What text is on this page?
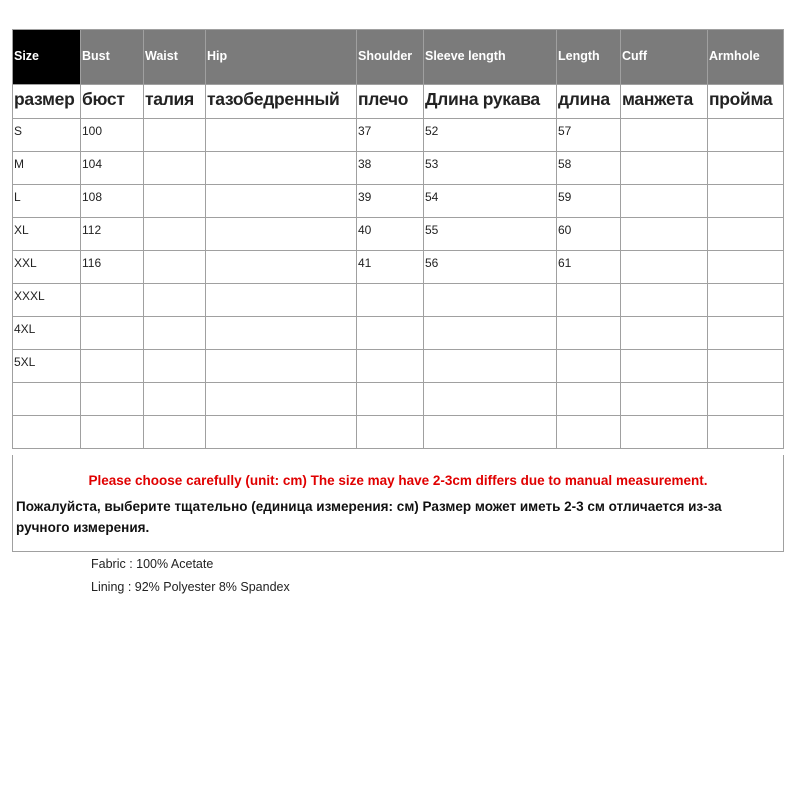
Size	Bust	Waist	Hip	Shoulder	Sleeve length	Length	Cuff	Armhole
размер	бюст	талия	тазобедренный	плечо	Длина рукава	длина	манжета	пройма
S	100			37	52	57		
M	104			38	53	58		
L	108			39	54	59		
XL	112			40	55	60		
XXL	116			41	56	61		
XXXL								
4XL								
5XL								

Please choose carefully (unit: cm) The size may have 2-3cm differs due to manual measurement.
Пожалуйста, выберите тщательно (единица измерения: см) Размер может иметь 2-3 см отличается из-за ручного измерения.
Fabric : 100% Acetate
Lining : 92% Polyester 8% Spandex
